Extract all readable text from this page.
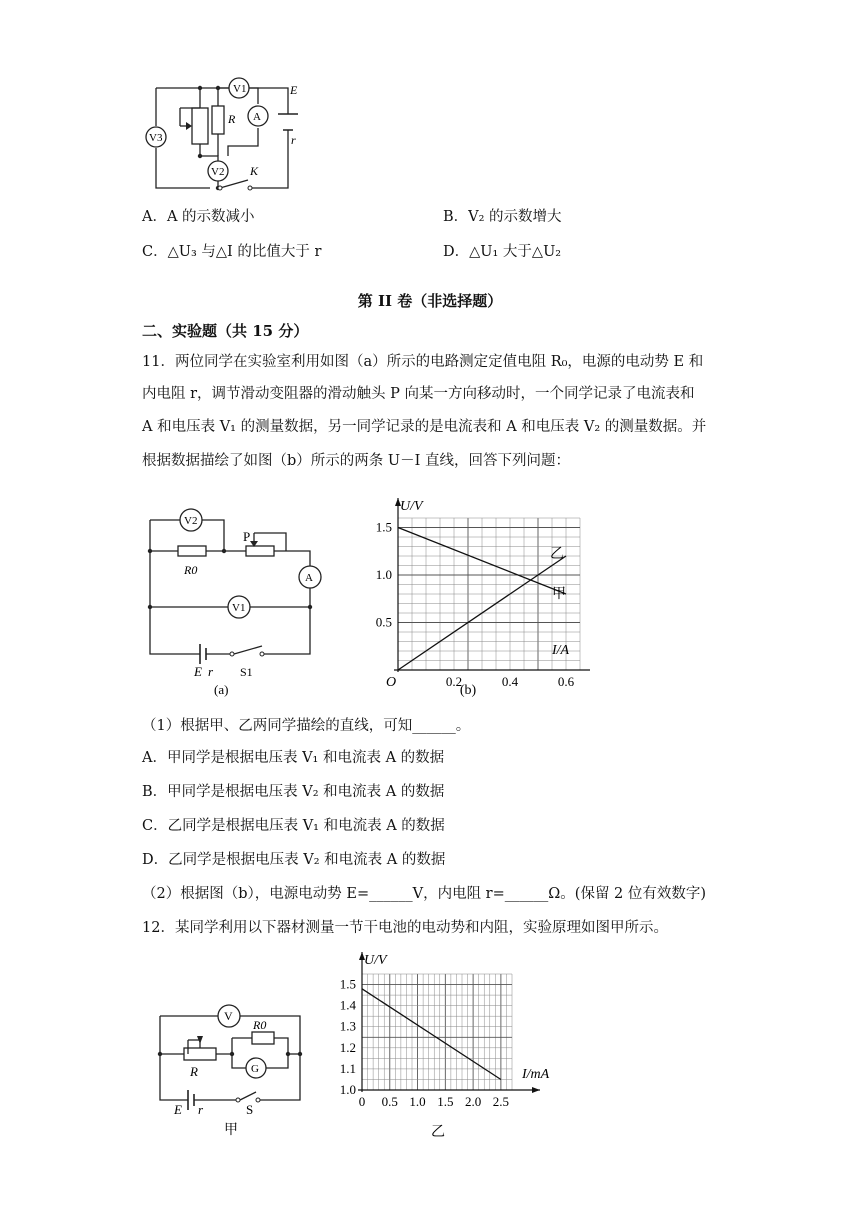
V1
A
V3
V2
R
E
r
K
A．A 的示数减小	B．V₂ 的示数增大
C．△U₃ 与△I 的比值大于 r	D．△U₁ 大于△U₂
第 II 卷（非选择题）
二、实验题（共 15 分）
11．两位同学在实验室利用如图（a）所示的电路测定定值电阻 R₀，电源的电动势 E 和
内电阻 r，调节滑动变阻器的滑动触头 P 向某一方向移动时，一个同学记录了电流表和
A 和电压表 V₁ 的测量数据，另一同学记录的是电流表和 A 和电压表 V₂ 的测量数据。并
根据数据描绘了如图（b）所示的两条 U－I 直线，回答下列问题：
V2
A
V1
P
R0
E r S1
(a)
甲
乙
0.2	0.4	0.6
0.5
1.0
1.5
U/V
I/A
O
(b)
（1）根据甲、乙两同学描绘的直线，可知______。
A．甲同学是根据电压表 V₁ 和电流表 A 的数据
B．甲同学是根据电压表 V₂ 和电流表 A 的数据
C．乙同学是根据电压表 V₁ 和电流表 A 的数据
D．乙同学是根据电压表 V₂ 和电流表 A 的数据
（2）根据图（b），电源电动势 E=______V，内电阻 r=______Ω。(保留 2 位有效数字)
12．某同学利用以下器材测量一节干电池的电动势和内阻，实验原理如图甲所示。
V
G
R0
R
E r	S
甲
0 0.5 1.0 1.5 2.0 2.5
1.0
1.1
1.2
1.3
1.4
1.5
U/V
I/mA
乙
